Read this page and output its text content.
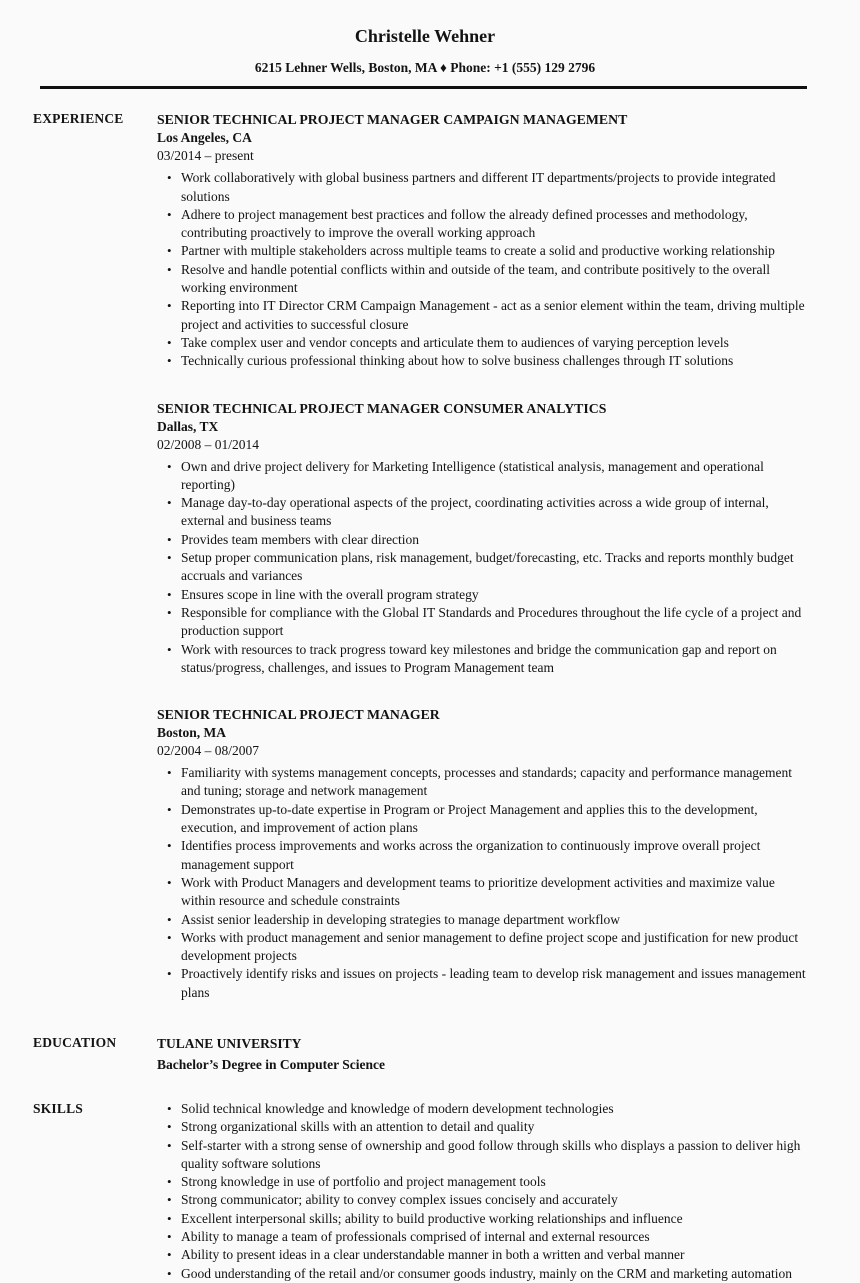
Christelle Wehner
6215 Lehner Wells, Boston, MA ♦ Phone: +1 (555) 129 2796
EXPERIENCE	SENIOR TECHNICAL PROJECT MANAGER CAMPAIGN MANAGEMENT
Los Angeles, CA
03/2014 – present
• Work collaboratively with global business partners and different IT departments/projects to provide integrated solutions
• Adhere to project management best practices and follow the already defined processes and methodology, contributing proactively to improve the overall working approach
• Partner with multiple stakeholders across multiple teams to create a solid and productive working relationship
• Resolve and handle potential conflicts within and outside of the team, and contribute positively to the overall working environment
• Reporting into IT Director CRM Campaign Management - act as a senior element within the team, driving multiple project and activities to successful closure
• Take complex user and vendor concepts and articulate them to audiences of varying perception levels
• Technically curious professional thinking about how to solve business challenges through IT solutions
SENIOR TECHNICAL PROJECT MANAGER CONSUMER ANALYTICS
Dallas, TX
02/2008 – 01/2014
• Own and drive project delivery for Marketing Intelligence (statistical analysis, management and operational reporting)
• Manage day-to-day operational aspects of the project, coordinating activities across a wide group of internal, external and business teams
• Provides team members with clear direction
• Setup proper communication plans, risk management, budget/forecasting, etc. Tracks and reports monthly budget accruals and variances
• Ensures scope in line with the overall program strategy
• Responsible for compliance with the Global IT Standards and Procedures throughout the life cycle of a project and production support
• Work with resources to track progress toward key milestones and bridge the communication gap and report on status/progress, challenges, and issues to Program Management team
SENIOR TECHNICAL PROJECT MANAGER
Boston, MA
02/2004 – 08/2007
• Familiarity with systems management concepts, processes and standards; capacity and performance management and tuning; storage and network management
• Demonstrates up-to-date expertise in Program or Project Management and applies this to the development, execution, and improvement of action plans
• Identifies process improvements and works across the organization to continuously improve overall project management support
• Work with Product Managers and development teams to prioritize development activities and maximize value within resource and schedule constraints
• Assist senior leadership in developing strategies to manage department workflow
• Works with product management and senior management to define project scope and justification for new product development projects
• Proactively identify risks and issues on projects - leading team to develop risk management and issues management plans
EDUCATION	TULANE UNIVERSITY
Bachelor’s Degree in Computer Science
SKILLS	• Solid technical knowledge and knowledge of modern development technologies
• Strong organizational skills with an attention to detail and quality
• Self-starter with a strong sense of ownership and good follow through skills who displays a passion to deliver high quality software solutions
• Strong knowledge in use of portfolio and project management tools
• Strong communicator; ability to convey complex issues concisely and accurately
• Excellent interpersonal skills; ability to build productive working relationships and influence
• Ability to manage a team of professionals comprised of internal and external resources
• Ability to present ideas in a clear understandable manner in both a written and verbal manner
• Good understanding of the retail and/or consumer goods industry, mainly on the CRM and marketing automation
